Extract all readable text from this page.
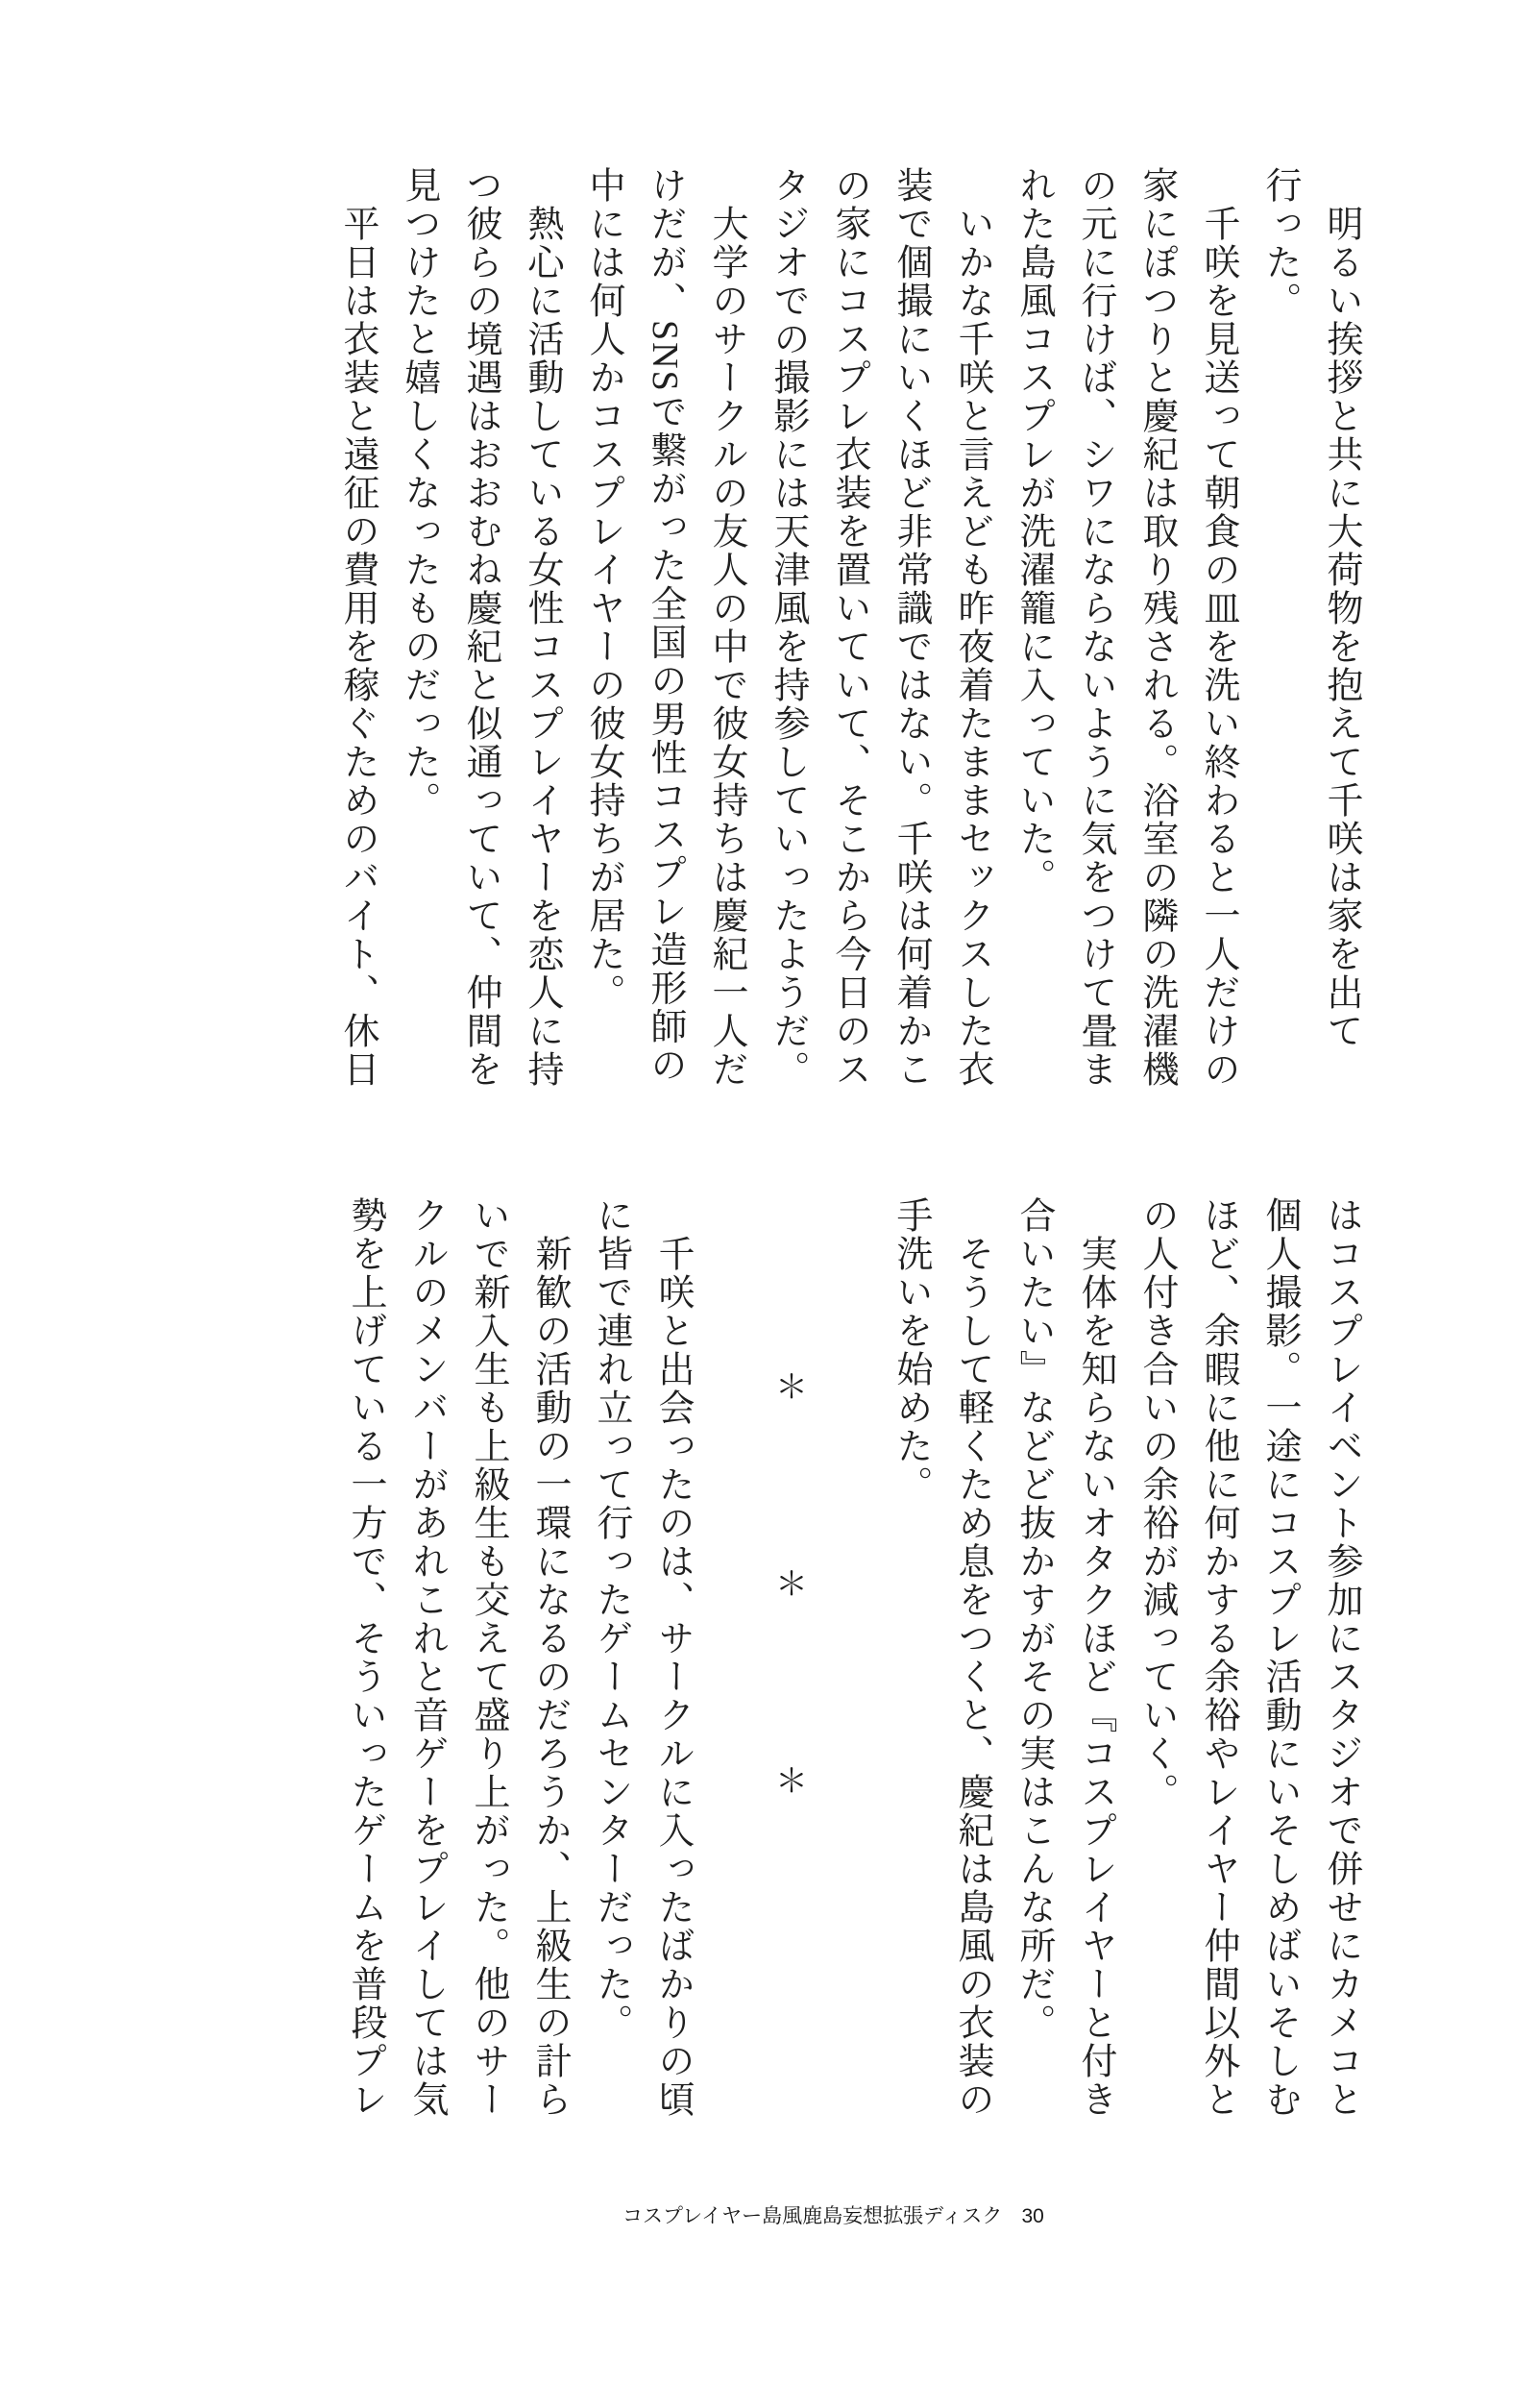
明るい挨拶と共に大荷物を抱えて千咲は家を出て
行った。
千咲を見送って朝食の皿を洗い終わると一人だけの
家にぽつりと慶紀は取り残される。浴室の隣の洗濯機
の元に行けば、シワにならないように気をつけて畳ま
れた島風コスプレが洗濯籠に入っていた。
いかな千咲と言えども昨夜着たままセックスした衣
装で個撮にいくほど非常識ではない。千咲は何着かこ
の家にコスプレ衣装を置いていて、そこから今日のス
タジオでの撮影には天津風を持参していったようだ。
大学のサークルの友人の中で彼女持ちは慶紀一人だ
けだが、SNSで繋がった全国の男性コスプレ造形師の
中には何人かコスプレイヤーの彼女持ちが居た。
熱心に活動している女性コスプレイヤーを恋人に持
つ彼らの境遇はおおむね慶紀と似通っていて、仲間を
見つけたと嬉しくなったものだった。
平日は衣装と遠征の費用を稼ぐためのバイト、休日
はコスプレイベント参加にスタジオで併せにカメコと
個人撮影。一途にコスプレ活動にいそしめばいそしむ
ほど、余暇に他に何かする余裕やレイヤー仲間以外と
の人付き合いの余裕が減っていく。
実体を知らないオタクほど『コスプレイヤーと付き
合いたい』などど抜かすがその実はこんな所だ。
そうして軽くため息をつくと、慶紀は島風の衣装の
手洗いを始めた。
＊
＊
＊
千咲と出会ったのは、サークルに入ったばかりの頃
に皆で連れ立って行ったゲームセンターだった。
新歓の活動の一環になるのだろうか、上級生の計ら
いで新入生も上級生も交えて盛り上がった。他のサー
クルのメンバーがあれこれと音ゲーをプレイしては気
勢を上げている一方で、そういったゲームを普段プレ
コスプレイヤー島風鹿島妄想拡張ディスク 30
